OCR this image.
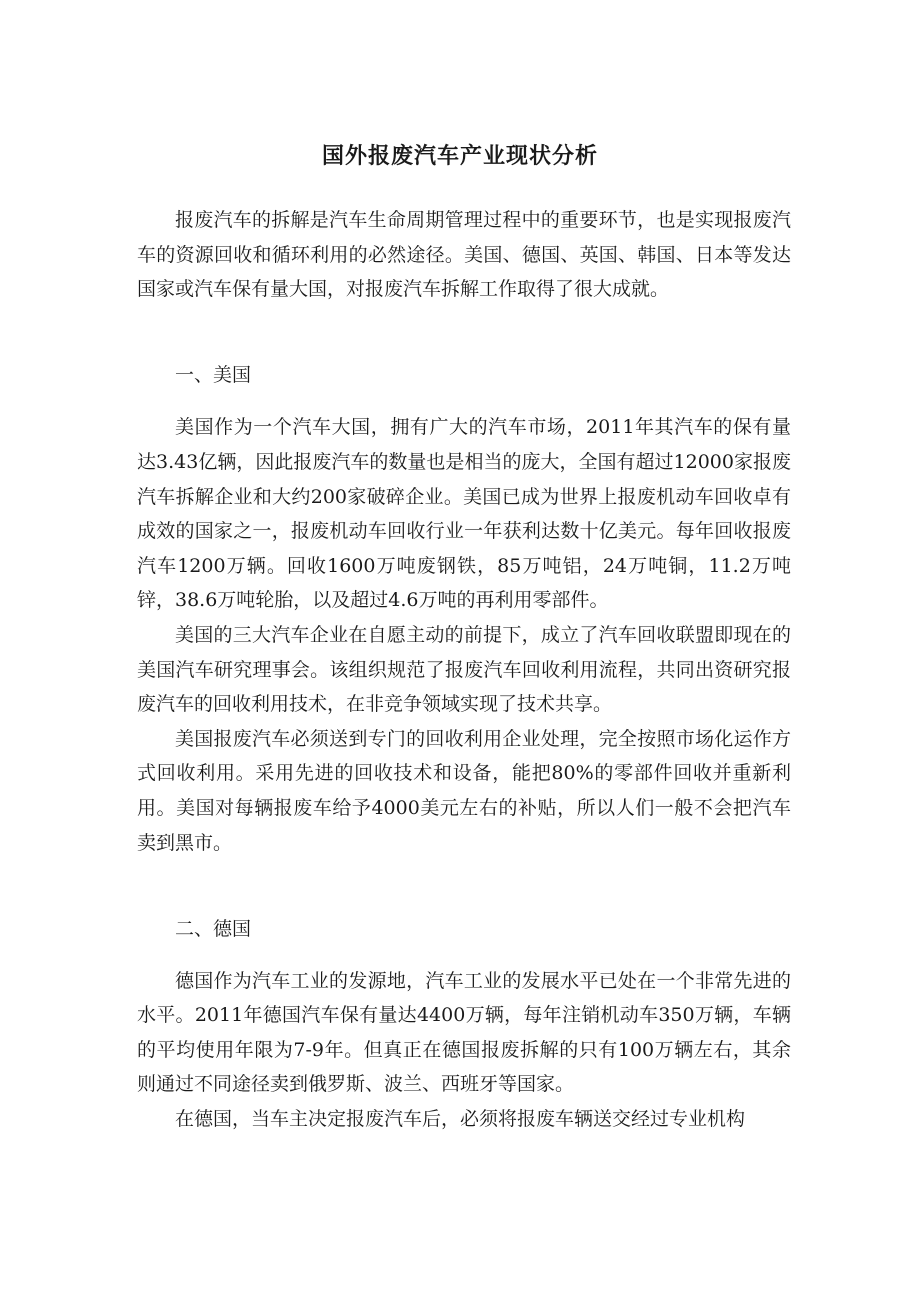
国外报废汽车产业现状分析

报废汽车的拆解是汽车生命周期管理过程中的重要环节，也是实现报废汽车的资源回收和循环利用的必然途径。美国、德国、英国、韩国、日本等发达国家或汽车保有量大国，对报废汽车拆解工作取得了很大成就。

一、美国

美国作为一个汽车大国，拥有广大的汽车市场，2011年其汽车的保有量达3.43亿辆，因此报废汽车的数量也是相当的庞大，全国有超过12000家报废汽车拆解企业和大约200家破碎企业。美国已成为世界上报废机动车回收卓有成效的国家之一，报废机动车回收行业一年获利达数十亿美元。每年回收报废汽车1200万辆。回收1600万吨废钢铁，85万吨铝，24万吨铜，11.2万吨锌，38.6万吨轮胎，以及超过4.6万吨的再利用零部件。

美国的三大汽车企业在自愿主动的前提下，成立了汽车回收联盟即现在的美国汽车研究理事会。该组织规范了报废汽车回收利用流程，共同出资研究报废汽车的回收利用技术，在非竞争领域实现了技术共享。

美国报废汽车必须送到专门的回收利用企业处理，完全按照市场化运作方式回收利用。采用先进的回收技术和设备，能把80%的零部件回收并重新利用。美国对每辆报废车给予4000美元左右的补贴，所以人们一般不会把汽车卖到黑市。

二、德国

德国作为汽车工业的发源地，汽车工业的发展水平已处在一个非常先进的水平。2011年德国汽车保有量达4400万辆，每年注销机动车350万辆，车辆的平均使用年限为7-9年。但真正在德国报废拆解的只有100万辆左右，其余则通过不同途径卖到俄罗斯、波兰、西班牙等国家。

在德国，当车主决定报废汽车后，必须将报废车辆送交经过专业机构
